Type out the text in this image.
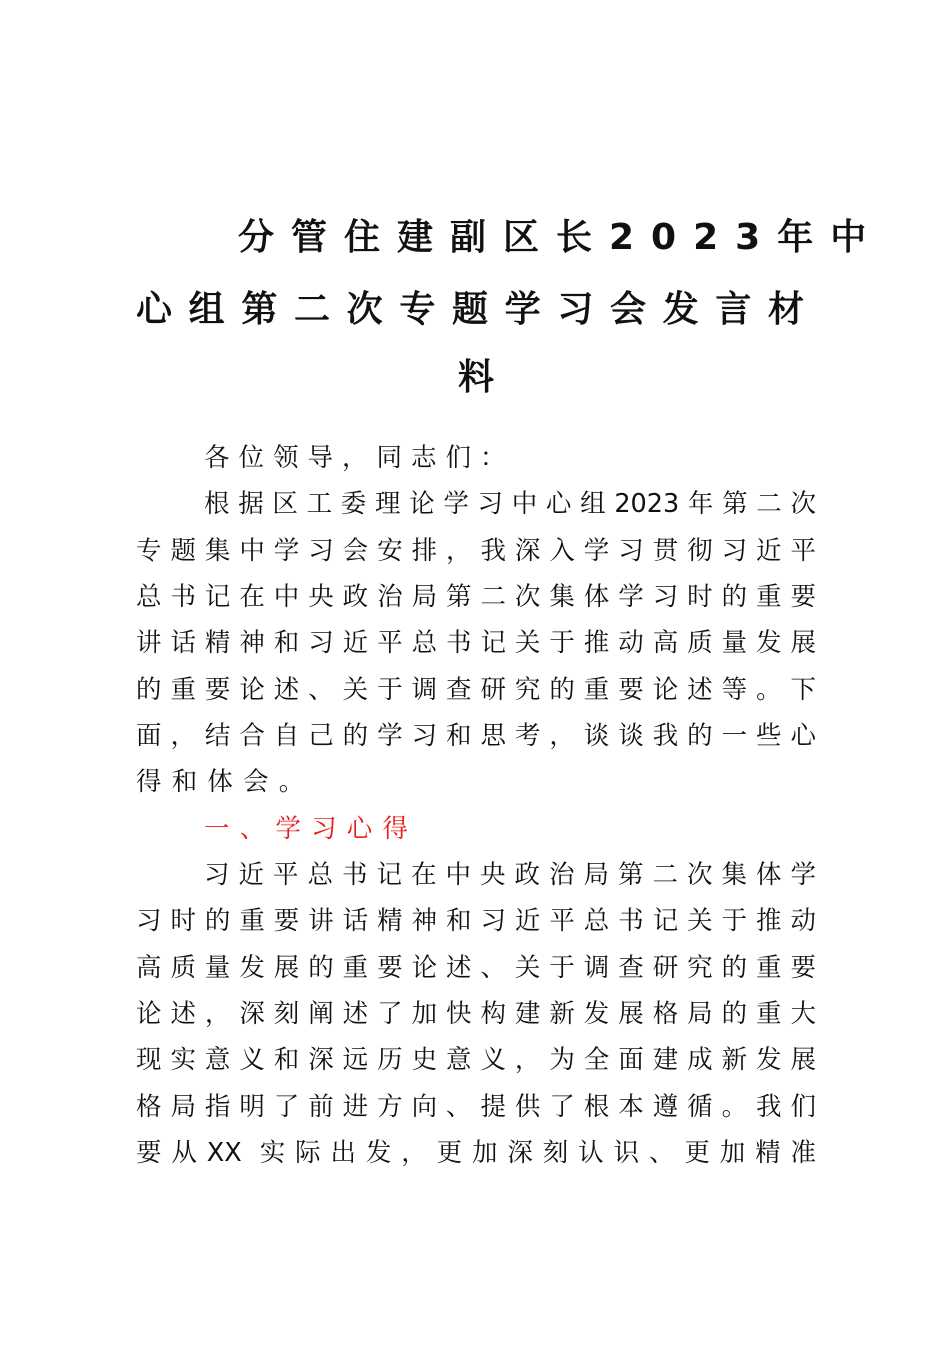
分管住建副区长2023年中
心组第二次专题学习会发言材
料
各位领导，同志们：
根据区工委理论学习中心组2023年第二次
专题集中学习会安排，我深入学习贯彻习近平
总书记在中央政治局第二次集体学习时的重要
讲话精神和习近平总书记关于推动高质量发展
的重要论述、关于调查研究的重要论述等。下
面，结合自己的学习和思考，谈谈我的一些心
得和体会。
一、学习心得
习近平总书记在中央政治局第二次集体学
习时的重要讲话精神和习近平总书记关于推动
高质量发展的重要论述、关于调查研究的重要
论述，深刻阐述了加快构建新发展格局的重大
现实意义和深远历史意义，为全面建成新发展
格局指明了前进方向、提供了根本遵循。我们
要从XX 实际出发，更加深刻认识、更加精准
